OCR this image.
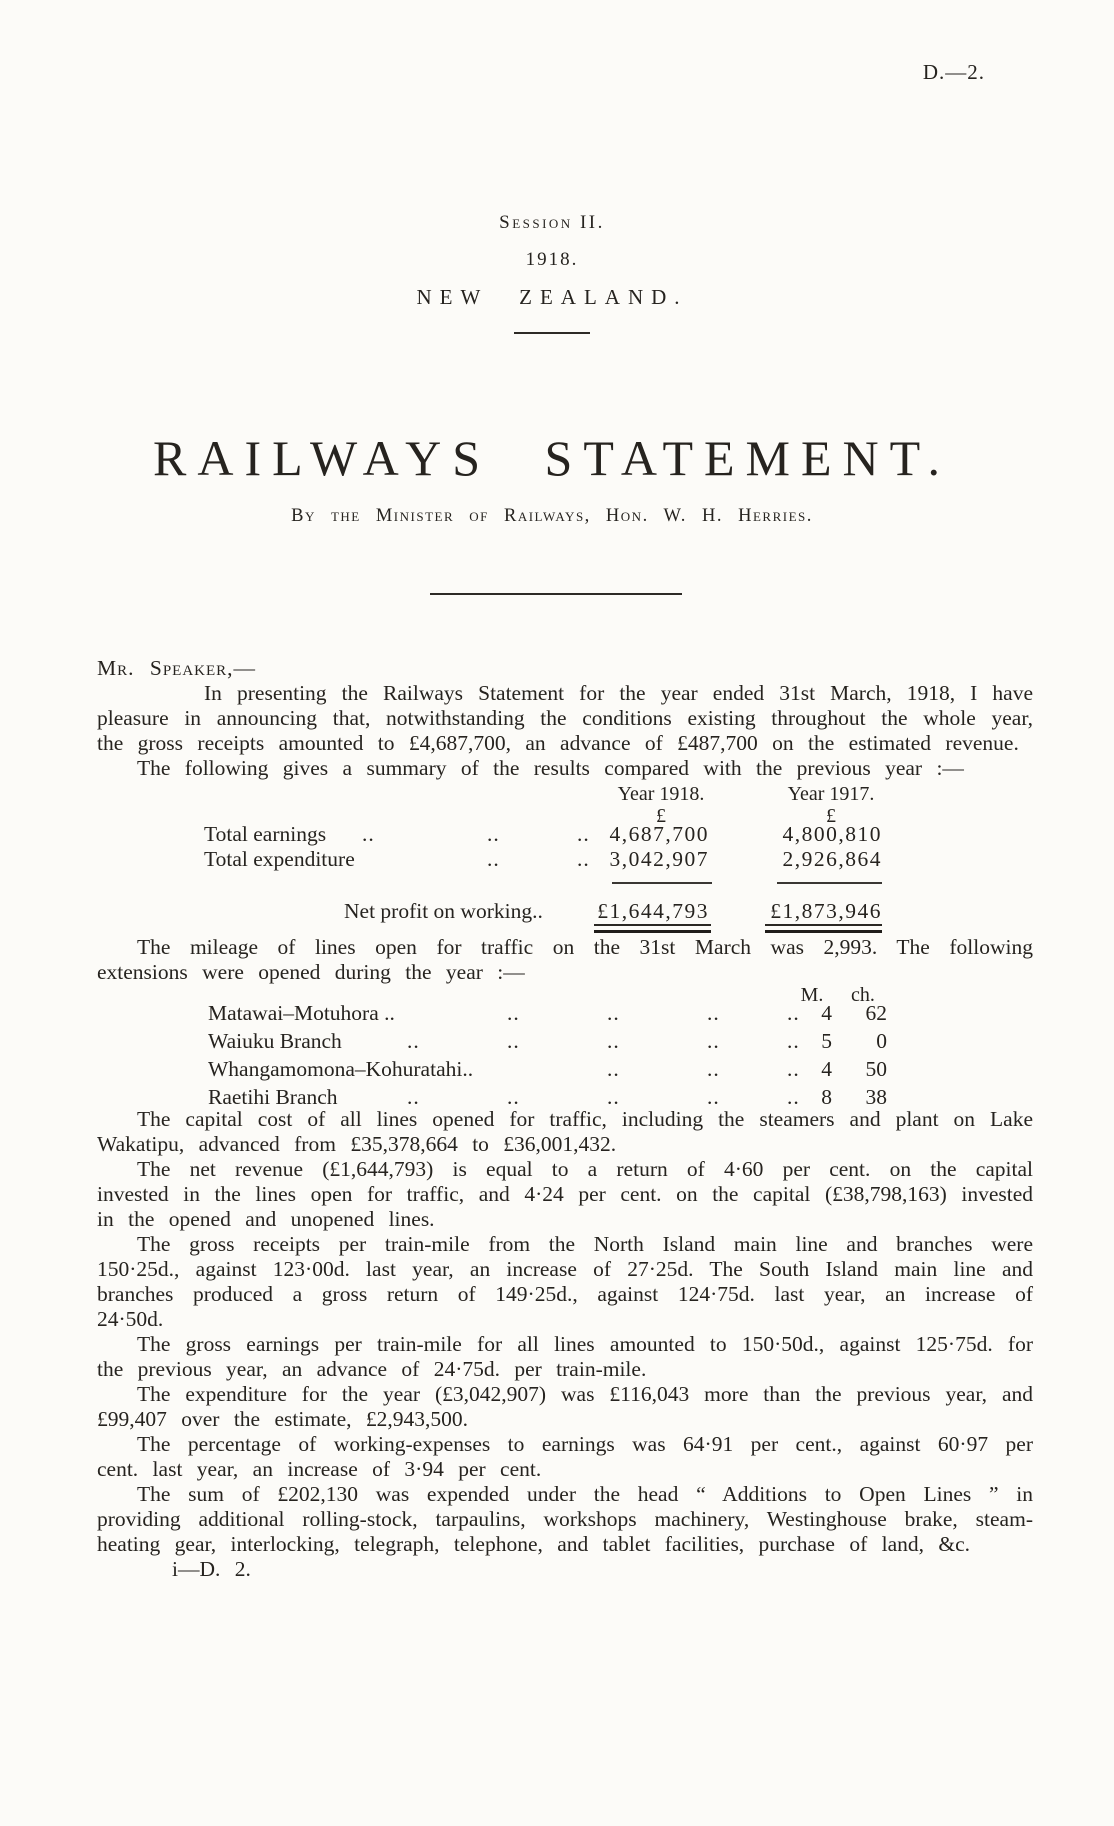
D.—2.
Session II.
1918.
NEW ZEALAND.
RAILWAYS STATEMENT.
By the Minister of Railways, Hon. W. H. Herries.

Mr. Speaker,—

In presenting the Railways Statement for the year ended 31st March, 1918, I have pleasure in announcing that, notwithstanding the conditions existing throughout the whole year, the gross receipts amounted to £4,687,700, an advance of £487,700 on the estimated revenue.

The following gives a summary of the results compared with the previous year :—

Year 1918.	Year 1917.
£	£
Total earnings ..	..	.. 4,687,700	4,800,810
Total expenditure	..	.. 3,042,907	2,926,864
Net profit on working..	£1,644,793	£1,873,946

The mileage of lines open for traffic on the 31st March was 2,993. The following extensions were opened during the year :—

M.	ch.
Matawai–Motuhora ..	..	..	..	..	4	62
Waiuku Branch	..	..	..	..	..	5	0
Whangamomona–Kohuratahi..	..	..	..	4	50
Raetihi Branch	..	..	..	..	..	8	38

The capital cost of all lines opened for traffic, including the steamers and plant on Lake Wakatipu, advanced from £35,378,664 to £36,001,432.

The net revenue (£1,644,793) is equal to a return of 4·60 per cent. on the capital invested in the lines open for traffic, and 4·24 per cent. on the capital (£38,798,163) invested in the opened and unopened lines.

The gross receipts per train-mile from the North Island main line and branches were 150·25d., against 123·00d. last year, an increase of 27·25d. The South Island main line and branches produced a gross return of 149·25d., against 124·75d. last year, an increase of 24·50d.

The gross earnings per train-mile for all lines amounted to 150·50d., against 125·75d. for the previous year, an advance of 24·75d. per train-mile.

The expenditure for the year (£3,042,907) was £116,043 more than the previous year, and £99,407 over the estimate, £2,943,500.

The percentage of working-expenses to earnings was 64·91 per cent., against 60·97 per cent. last year, an increase of 3·94 per cent.

The sum of £202,130 was expended under the head “ Additions to Open Lines ” in providing additional rolling-stock, tarpaulins, workshops machinery, Westinghouse brake, steam-heating gear, interlocking, telegraph, telephone, and tablet facilities, purchase of land, &c.

i—D. 2.
